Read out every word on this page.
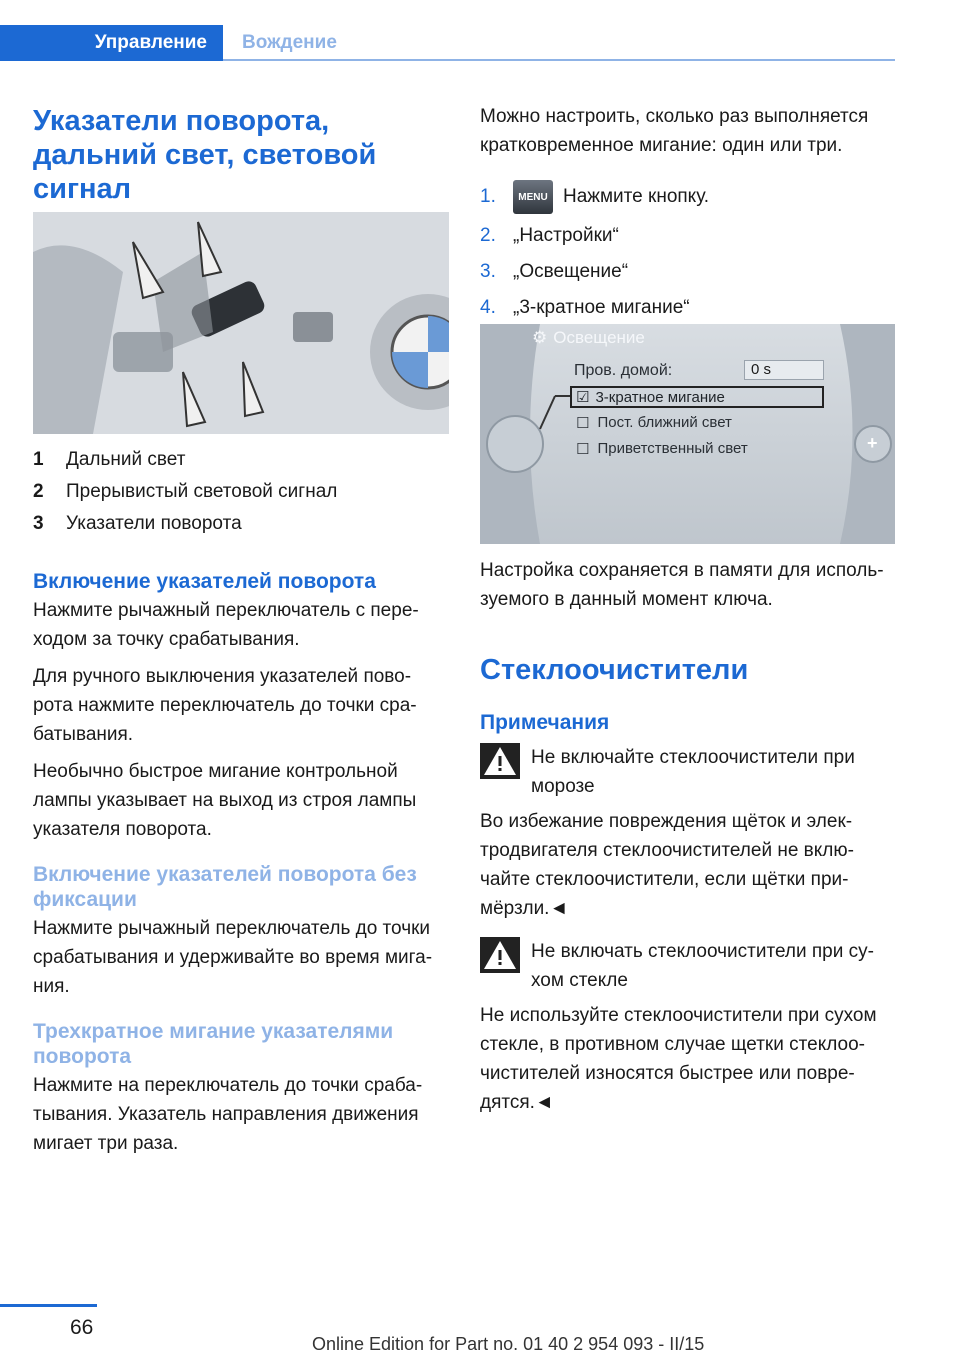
Управление Вождение
Указатели поворота, дальний свет, световой сигнал
1	Дальний свет
2	Прерывистый световой сигнал
3	Указатели поворота
Включение указателей поворота

Нажмите рычажный переключатель с пере-ходом за точку срабатывания.

Для ручного выключения указателей пово-рота нажмите переключатель до точки сра-батывания.

Необычно быстрое мигание контрольной лампы указывает на выход из строя лампы указателя поворота.

Включение указателей поворота без фиксации

Нажмите рычажный переключатель до точки срабатывания и удерживайте во время мига-ния.

Трехкратное мигание указателями поворота

Нажмите на переключатель до точки сраба-тывания. Указатель направления движения мигает три раза.

Можно настроить, сколько раз выполняется кратковременное мигание: один или три.

1.	MENU Нажмите кнопку.
2. „Настройки“
3. „Освещение“
4. „3-кратное мигание“
⚙ Освещение
Пров. домой:	0 s
☑ 3-кратное мигание
☐ Пост. ближний свет
☐ Приветственный свет	+

Настройка сохраняется в памяти для исполь-зуемого в данный момент ключа.

Стеклоочистители
Примечания
Не включайте стеклоочистители при морозе

Во избежание повреждения щёток и элек-тродвигателя стеклоочистителей не вклю-чайте стеклоочистители, если щётки при-мёрзли.◄

Не включать стеклоочистители при су-хом стекле

Не используйте стеклоочистители при сухом стекле, в противном случае щетки стеклоо-чистителей износятся быстрее или повре-дятся.◄

66
Online Edition for Part no. 01 40 2 954 093 - II/15
